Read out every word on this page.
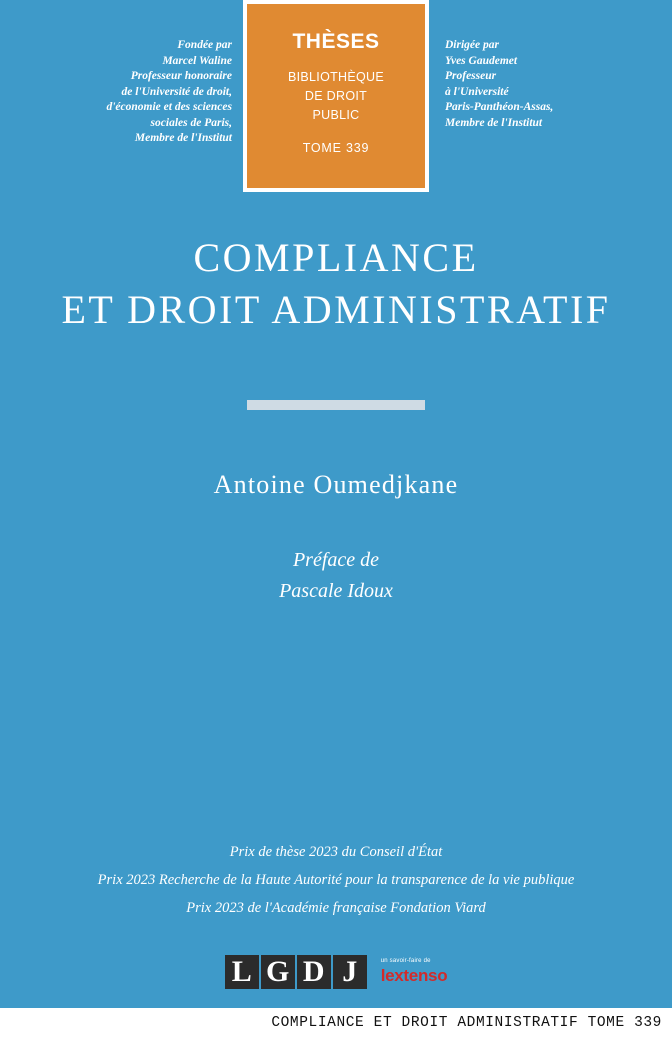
Fondée par
Marcel Waline
Professeur honoraire
de l'Université de droit,
d'économie et des sciences
sociales de Paris,
Membre de l'Institut
THÈSES
BIBLIOTHÈQUE
DE DROIT
PUBLIC
TOME 339
Dirigée par
Yves Gaudemet
Professeur
à l'Université
Paris-Panthéon-Assas,
Membre de l'Institut
COMPLIANCE
ET DROIT ADMINISTRATIF
Antoine Oumedjkane
Préface de
Pascale Idoux
Prix de thèse 2023 du Conseil d'État
Prix 2023 Recherche de la Haute Autorité pour la transparence de la vie publique
Prix 2023 de l'Académie française Fondation Viard
L G D J	un savoir-faire de
lextenso
COMPLIANCE ET DROIT ADMINISTRATIF TOME 339
